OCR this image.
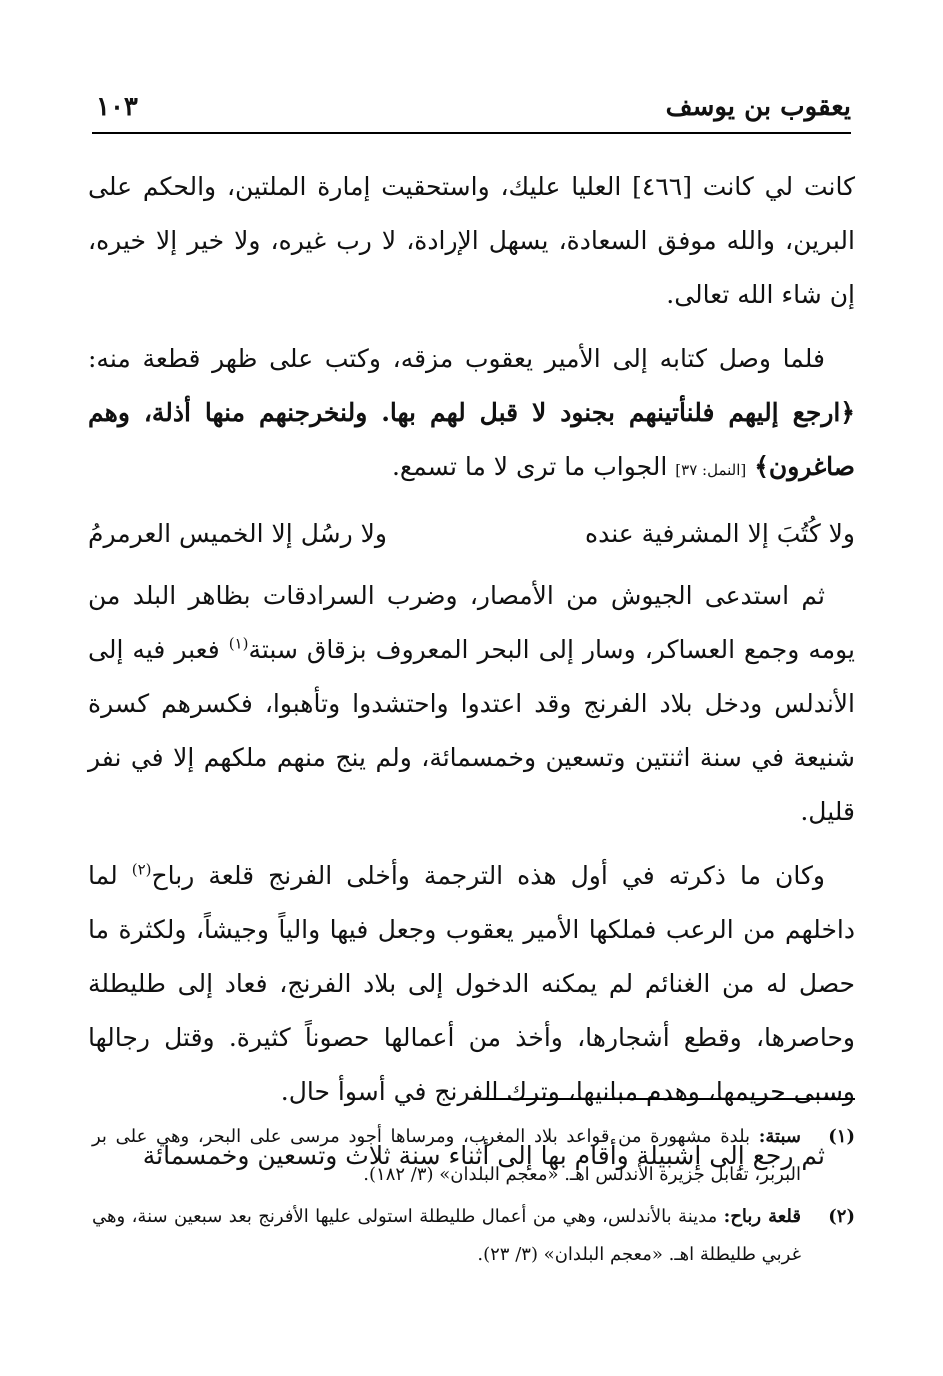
يعقوب بن يوسف
١٠٣

كانت لي كانت [٤٦٦] العليا عليك، واستحقيت إمارة الملتين، والحكم على البرين، والله موفق السعادة، يسهل الإرادة، لا رب غيره، ولا خير إلا خيره، إن شاء الله تعالى.

فلما وصل كتابه إلى الأمير يعقوب مزقه، وكتب على ظهر قطعة منه: ﴿ارجع إليهم فلنأتينهم بجنود لا قبل لهم بها. ولنخرجنهم منها أذلة، وهم صاغرون﴾ [النمل: ٣٧] الجواب ما ترى لا ما تسمع.

ولا كُتُبَ إلا المشرفية عنده
ولا رسُل إلا الخميس العرمرمُ

ثم استدعى الجيوش من الأمصار، وضرب السرادقات بظاهر البلد من يومه وجمع العساكر، وسار إلى البحر المعروف بزقاق سبتة$^{(١)}$ فعبر فيه إلى الأندلس ودخل بلاد الفرنج وقد اعتدوا واحتشدوا وتأهبوا، فكسرهم كسرة شنيعة في سنة اثنتين وتسعين وخمسمائة، ولم ينج منهم ملكهم إلا في نفر قليل.

وكان ما ذكرته في أول هذه الترجمة وأخلى الفرنج قلعة رباح$^{(٢)}$ لما داخلهم من الرعب فملكها الأمير يعقوب وجعل فيها والياً وجيشاً، ولكثرة ما حصل له من الغنائم لم يمكنه الدخول إلى بلاد الفرنج، فعاد إلى طليطلة وحاصرها، وقطع أشجارها، وأخذ من أعمالها حصوناً كثيرة. وقتل رجالها وسبى حريمها، وهدم مبانيها، وترك الفرنج في أسوأ حال.

ثم رجع إلى إشبيلة وأقام بها إلى أثناء سنة ثلاث وتسعين وخمسمائة

(١)
سبتة: بلدة مشهورة من قواعد بلاد المغرب، ومرساها أجود مرسى على البحر، وهي على بر البربر، تقابل جزيرة الأندلس اهـ. «معجم البلدان» (٣/ ١٨٢).
(٢)
قلعة رباح: مدينة بالأندلس، وهي من أعمال طليطلة استولى عليها الأفرنج بعد سبعين سنة، وهي غربي طليطلة اهـ. «معجم البلدان» (٣/ ٢٣).
